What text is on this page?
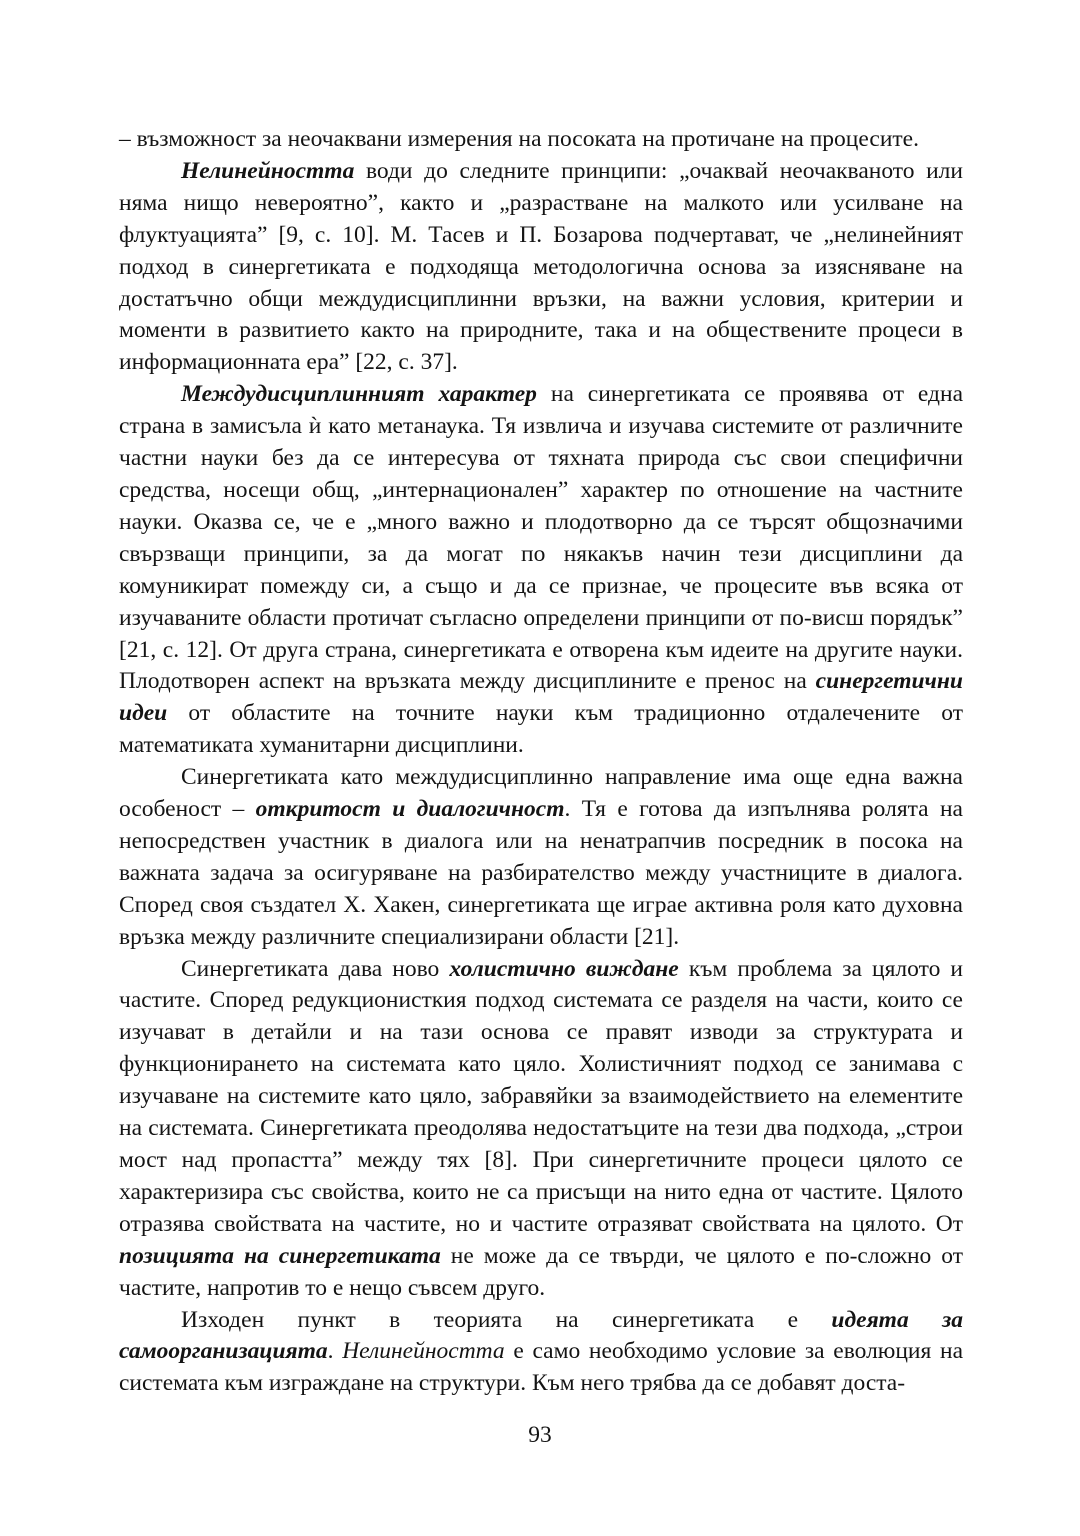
– възможност за неочаквани измерения на посоката на протичане на процесите.

Нелинейността води до следните принципи: „очаквай неочакваното или няма нищо невероятно”, както и „разрастване на малкото или усилване на флуктуацията” [9, с. 10]. М. Тасев и П. Бозарова подчертават, че „нелинейният подход в синергетиката е подходяща методологична основа за изясняване на достатъчно общи междудисциплинни връзки, на важни условия, критерии и моменти в развитието както на природните, така и на обществените процеси в информационната ера” [22, с. 37].

Междудисциплинният характер на синергетиката се проявява от една страна в замисъла ѝ като метанаука. Тя извлича и изучава системите от различните частни науки без да се интересува от тяхната природа със свои специфични средства, носещи общ, „интернационален” характер по отношение на частните науки. Оказва се, че е „много важно и плодотворно да се търсят общозначими свързващи принципи, за да могат по някакъв начин тези дисциплини да комуникират помежду си, а също и да се признае, че процесите във всяка от изучаваните области протичат съгласно определени принципи от по-висш порядък” [21, с. 12]. От друга страна, синергетиката е отворена към идеите на другите науки. Плодотворен аспект на връзката между дисциплините е пренос на синергетични идеи от областите на точните науки към традиционно отдалечените от математиката хуманитарни дисциплини.

Синергетиката като междудисциплинно направление има още една важна особеност – откритост и диалогичност. Тя е готова да изпълнява ролята на непосредствен участник в диалога или на ненатрапчив посредник в посока на важната задача за осигуряване на разбирателство между участниците в диалога. Според своя създател Х. Хакен, синергетиката ще играе активна роля като духовна връзка между различните специализирани области [21].

Синергетиката дава ново холистично виждане към проблема за цялото и частите. Според редукционисткия подход системата се разделя на части, които се изучават в детайли и на тази основа се правят изводи за структурата и функционирането на системата като цяло. Холистичният подход се занимава с изучаване на системите като цяло, забравяйки за взаимодействието на елементите на системата. Синергетиката преодолява недостатъците на тези два подхода, „строи мост над пропастта” между тях [8]. При синергетичните процеси цялото се характеризира със свойства, които не са присъщи на нито една от частите. Цялото отразява свойствата на частите, но и частите отразяват свойствата на цялото. От позицията на синергетиката не може да се твърди, че цялото е по-сложно от частите, напротив то е нещо съвсем друго.

Изходен пункт в теорията на синергетиката е идеята за самоорганизацията. Нелинейността е само необходимо условие за еволюция на системата към изграждане на структури. Към него трябва да се добавят доста-

93
